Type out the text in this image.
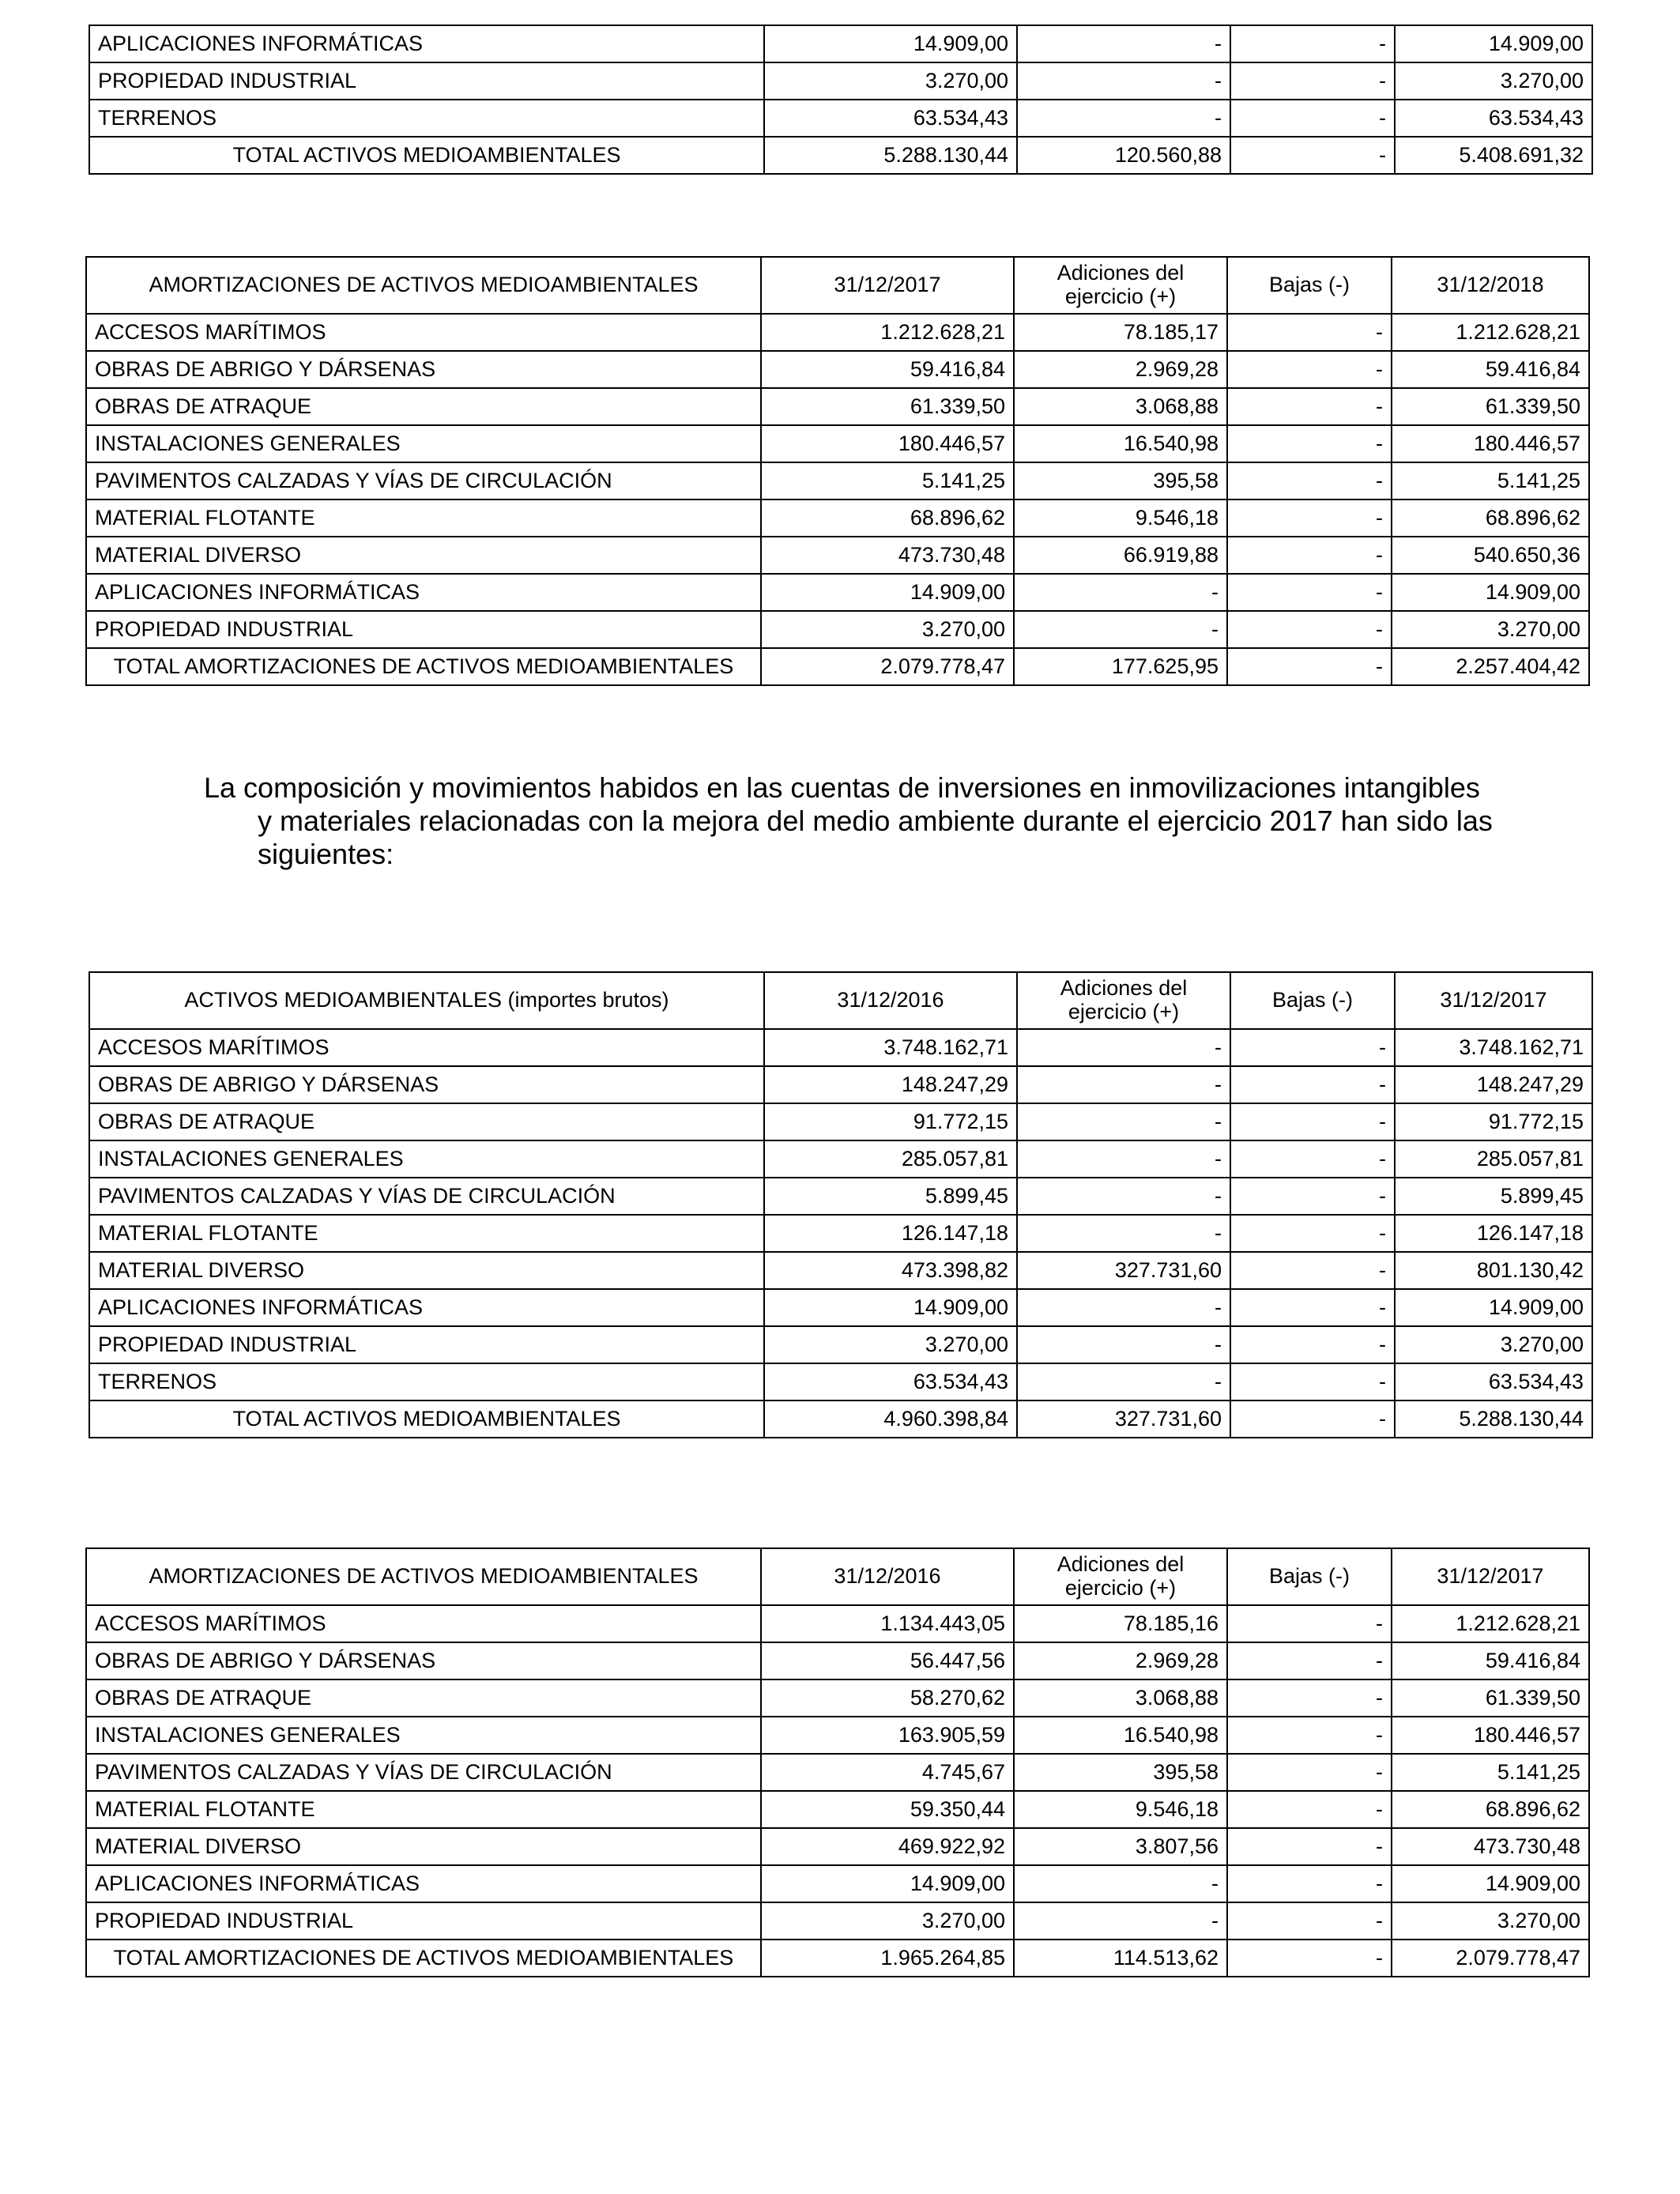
APLICACIONES INFORMÁTICAS	14.909,00	-	-	14.909,00
PROPIEDAD INDUSTRIAL	3.270,00	-	-	3.270,00
TERRENOS	63.534,43	-	-	63.534,43
TOTAL ACTIVOS MEDIOAMBIENTALES	5.288.130,44	120.560,88	-	5.408.691,32
AMORTIZACIONES DE ACTIVOS MEDIOAMBIENTALES	31/12/2017	Adiciones del ejercicio (+)	Bajas (-)	31/12/2018
ACCESOS MARÍTIMOS	1.212.628,21	78.185,17	-	1.212.628,21
OBRAS DE ABRIGO Y DÁRSENAS	59.416,84	2.969,28	-	59.416,84
OBRAS DE ATRAQUE	61.339,50	3.068,88	-	61.339,50
INSTALACIONES GENERALES	180.446,57	16.540,98	-	180.446,57
PAVIMENTOS CALZADAS Y VÍAS DE CIRCULACIÓN	5.141,25	395,58	-	5.141,25
MATERIAL FLOTANTE	68.896,62	9.546,18	-	68.896,62
MATERIAL DIVERSO	473.730,48	66.919,88	-	540.650,36
APLICACIONES INFORMÁTICAS	14.909,00	-	-	14.909,00
PROPIEDAD INDUSTRIAL	3.270,00	-	-	3.270,00
TOTAL AMORTIZACIONES DE ACTIVOS MEDIOAMBIENTALES	2.079.778,47	177.625,95	-	2.257.404,42

La composición y movimientos habidos en las cuentas de inversiones en inmovilizaciones intangibles
y materiales relacionadas con la mejora del medio ambiente durante el ejercicio 2017 han sido las
siguientes:

ACTIVOS MEDIOAMBIENTALES (importes brutos)	31/12/2016	Adiciones del ejercicio (+)	Bajas (-)	31/12/2017
ACCESOS MARÍTIMOS	3.748.162,71	-	-	3.748.162,71
OBRAS DE ABRIGO Y DÁRSENAS	148.247,29	-	-	148.247,29
OBRAS DE ATRAQUE	91.772,15	-	-	91.772,15
INSTALACIONES GENERALES	285.057,81	-	-	285.057,81
PAVIMENTOS CALZADAS Y VÍAS DE CIRCULACIÓN	5.899,45	-	-	5.899,45
MATERIAL FLOTANTE	126.147,18	-	-	126.147,18
MATERIAL DIVERSO	473.398,82	327.731,60	-	801.130,42
APLICACIONES INFORMÁTICAS	14.909,00	-	-	14.909,00
PROPIEDAD INDUSTRIAL	3.270,00	-	-	3.270,00
TERRENOS	63.534,43	-	-	63.534,43
TOTAL ACTIVOS MEDIOAMBIENTALES	4.960.398,84	327.731,60	-	5.288.130,44
AMORTIZACIONES DE ACTIVOS MEDIOAMBIENTALES	31/12/2016	Adiciones del ejercicio (+)	Bajas (-)	31/12/2017
ACCESOS MARÍTIMOS	1.134.443,05	78.185,16	-	1.212.628,21
OBRAS DE ABRIGO Y DÁRSENAS	56.447,56	2.969,28	-	59.416,84
OBRAS DE ATRAQUE	58.270,62	3.068,88	-	61.339,50
INSTALACIONES GENERALES	163.905,59	16.540,98	-	180.446,57
PAVIMENTOS CALZADAS Y VÍAS DE CIRCULACIÓN	4.745,67	395,58	-	5.141,25
MATERIAL FLOTANTE	59.350,44	9.546,18	-	68.896,62
MATERIAL DIVERSO	469.922,92	3.807,56	-	473.730,48
APLICACIONES INFORMÁTICAS	14.909,00	-	-	14.909,00
PROPIEDAD INDUSTRIAL	3.270,00	-	-	3.270,00
TOTAL AMORTIZACIONES DE ACTIVOS MEDIOAMBIENTALES	1.965.264,85	114.513,62	-	2.079.778,47
